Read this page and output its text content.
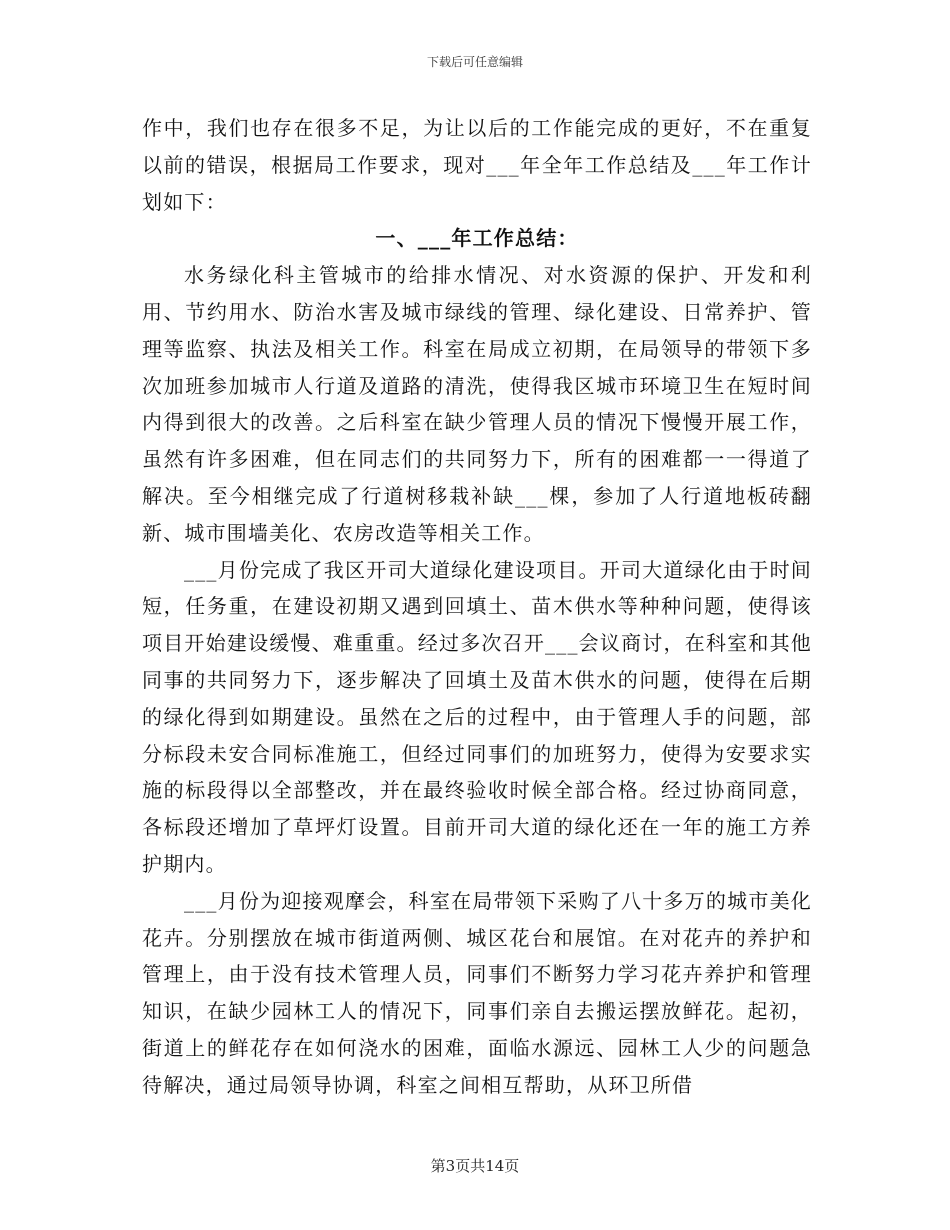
下载后可任意编辑

作中，我们也存在很多不足，为让以后的工作能完成的更好，不在重复以前的错误，根据局工作要求，现对___年全年工作总结及___年工作计划如下：

一、___年工作总结：

水务绿化科主管城市的给排水情况、对水资源的保护、开发和利用、节约用水、防治水害及城市绿线的管理、绿化建设、日常养护、管理等监察、执法及相关工作。科室在局成立初期，在局领导的带领下多次加班参加城市人行道及道路的清洗，使得我区城市环境卫生在短时间内得到很大的改善。之后科室在缺少管理人员的情况下慢慢开展工作，虽然有许多困难，但在同志们的共同努力下，所有的困难都一一得道了解决。至今相继完成了行道树移栽补缺___棵，参加了人行道地板砖翻新、城市围墙美化、农房改造等相关工作。

___月份完成了我区开司大道绿化建设项目。开司大道绿化由于时间短，任务重，在建设初期又遇到回填土、苗木供水等种种问题，使得该项目开始建设缓慢、难重重。经过多次召开___会议商讨，在科室和其他同事的共同努力下，逐步解决了回填土及苗木供水的问题，使得在后期的绿化得到如期建设。虽然在之后的过程中，由于管理人手的问题，部分标段未安合同标准施工，但经过同事们的加班努力，使得为安要求实施的标段得以全部整改，并在最终验收时候全部合格。经过协商同意，各标段还增加了草坪灯设置。目前开司大道的绿化还在一年的施工方养护期内。

___月份为迎接观摩会，科室在局带领下采购了八十多万的城市美化花卉。分别摆放在城市街道两侧、城区花台和展馆。在对花卉的养护和管理上，由于没有技术管理人员，同事们不断努力学习花卉养护和管理知识，在缺少园林工人的情况下，同事们亲自去搬运摆放鲜花。起初，街道上的鲜花存在如何浇水的困难，面临水源远、园林工人少的问题急待解决，通过局领导协调，科室之间相互帮助，从环卫所借

第3页共14页
